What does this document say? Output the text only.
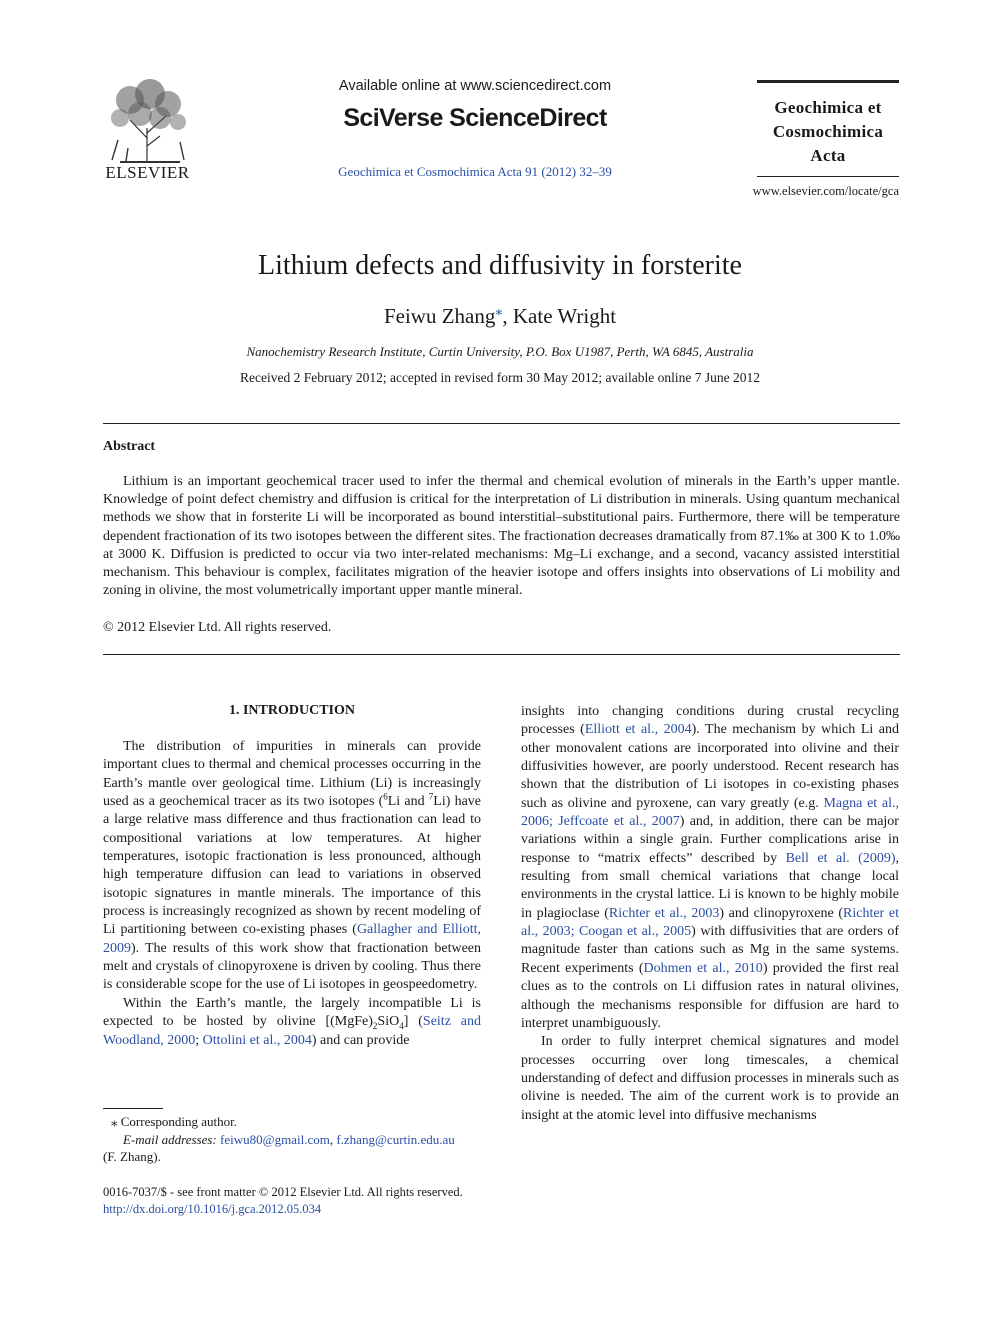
ELSEVIER
Available online at www.sciencedirect.com
SciVerse ScienceDirect
Geochimica et Cosmochimica Acta 91 (2012) 32–39
Geochimica et
Cosmochimica
Acta
www.elsevier.com/locate/gca
Lithium defects and diffusivity in forsterite
Feiwu Zhang⁎, Kate Wright
Nanochemistry Research Institute, Curtin University, P.O. Box U1987, Perth, WA 6845, Australia
Received 2 February 2012; accepted in revised form 30 May 2012; available online 7 June 2012
Abstract

Lithium is an important geochemical tracer used to infer the thermal and chemical evolution of minerals in the Earth’s upper mantle. Knowledge of point defect chemistry and diffusion is critical for the interpretation of Li distribution in minerals. Using quantum mechanical methods we show that in forsterite Li will be incorporated as bound interstitial–substitutional pairs. Furthermore, there will be temperature dependent fractionation of its two isotopes between the different sites. The fractionation decreases dramatically from 87.1‰ at 300 K to 1.0‰ at 3000 K. Diffusion is predicted to occur via two inter-related mechanisms: Mg–Li exchange, and a second, vacancy assisted interstitial mechanism. This behaviour is complex, facilitates migration of the heavier isotope and offers insights into observations of Li mobility and zoning in olivine, the most volumetrically important upper mantle mineral.

© 2012 Elsevier Ltd. All rights reserved.
1. INTRODUCTION

The distribution of impurities in minerals can provide important clues to thermal and chemical processes occurring in the Earth’s mantle over geological time. Lithium (Li) is increasingly used as a geochemical tracer as its two isotopes ($^6$Li and $^7$Li) have a large relative mass difference and thus fractionation can lead to compositional variations at low temperatures. At higher temperatures, isotopic fractionation is less pronounced, although high temperature diffusion can lead to variations in observed isotopic signatures in mantle minerals. The importance of this process is increasingly recognized as shown by recent modeling of Li partitioning between co-existing phases (Gallagher and Elliott, 2009). The results of this work show that fractionation between melt and crystals of clinopyroxene is driven by cooling. Thus there is considerable scope for the use of Li isotopes in geospeedometry.

Within the Earth’s mantle, the largely incompatible Li is expected to be hosted by olivine $[(MgFe)_2SiO_4]$ (Seitz and Woodland, 2000; Ottolini et al., 2004) and can provide

insights into changing conditions during crustal recycling processes (Elliott et al., 2004). The mechanism by which Li and other monovalent cations are incorporated into olivine and their diffusivities however, are poorly understood. Recent research has shown that the distribution of Li isotopes in co-existing phases such as olivine and pyroxene, can vary greatly (e.g. Magna et al., 2006; Jeffcoate et al., 2007) and, in addition, there can be major variations within a single grain. Further complications arise in response to “matrix effects” described by Bell et al. (2009), resulting from small chemical variations that change local environments in the crystal lattice. Li is known to be highly mobile in plagioclase (Richter et al., 2003) and clinopyroxene (Richter et al., 2003; Coogan et al., 2005) with diffusivities that are orders of magnitude faster than cations such as Mg in the same systems. Recent experiments (Dohmen et al., 2010) provided the first real clues as to the controls on Li diffusion rates in natural olivines, although the mechanisms responsible for diffusion are hard to interpret unambiguously.

In order to fully interpret chemical signatures and model processes occurring over long timescales, a chemical understanding of defect and diffusion processes in minerals such as olivine is needed. The aim of the current work is to provide an insight at the atomic level into diffusive mechanisms

⁎ Corresponding author.
E-mail addresses: feiwu80@gmail.com, f.zhang@curtin.edu.au
(F. Zhang).
0016-7037/$ - see front matter © 2012 Elsevier Ltd. All rights reserved.
http://dx.doi.org/10.1016/j.gca.2012.05.034
